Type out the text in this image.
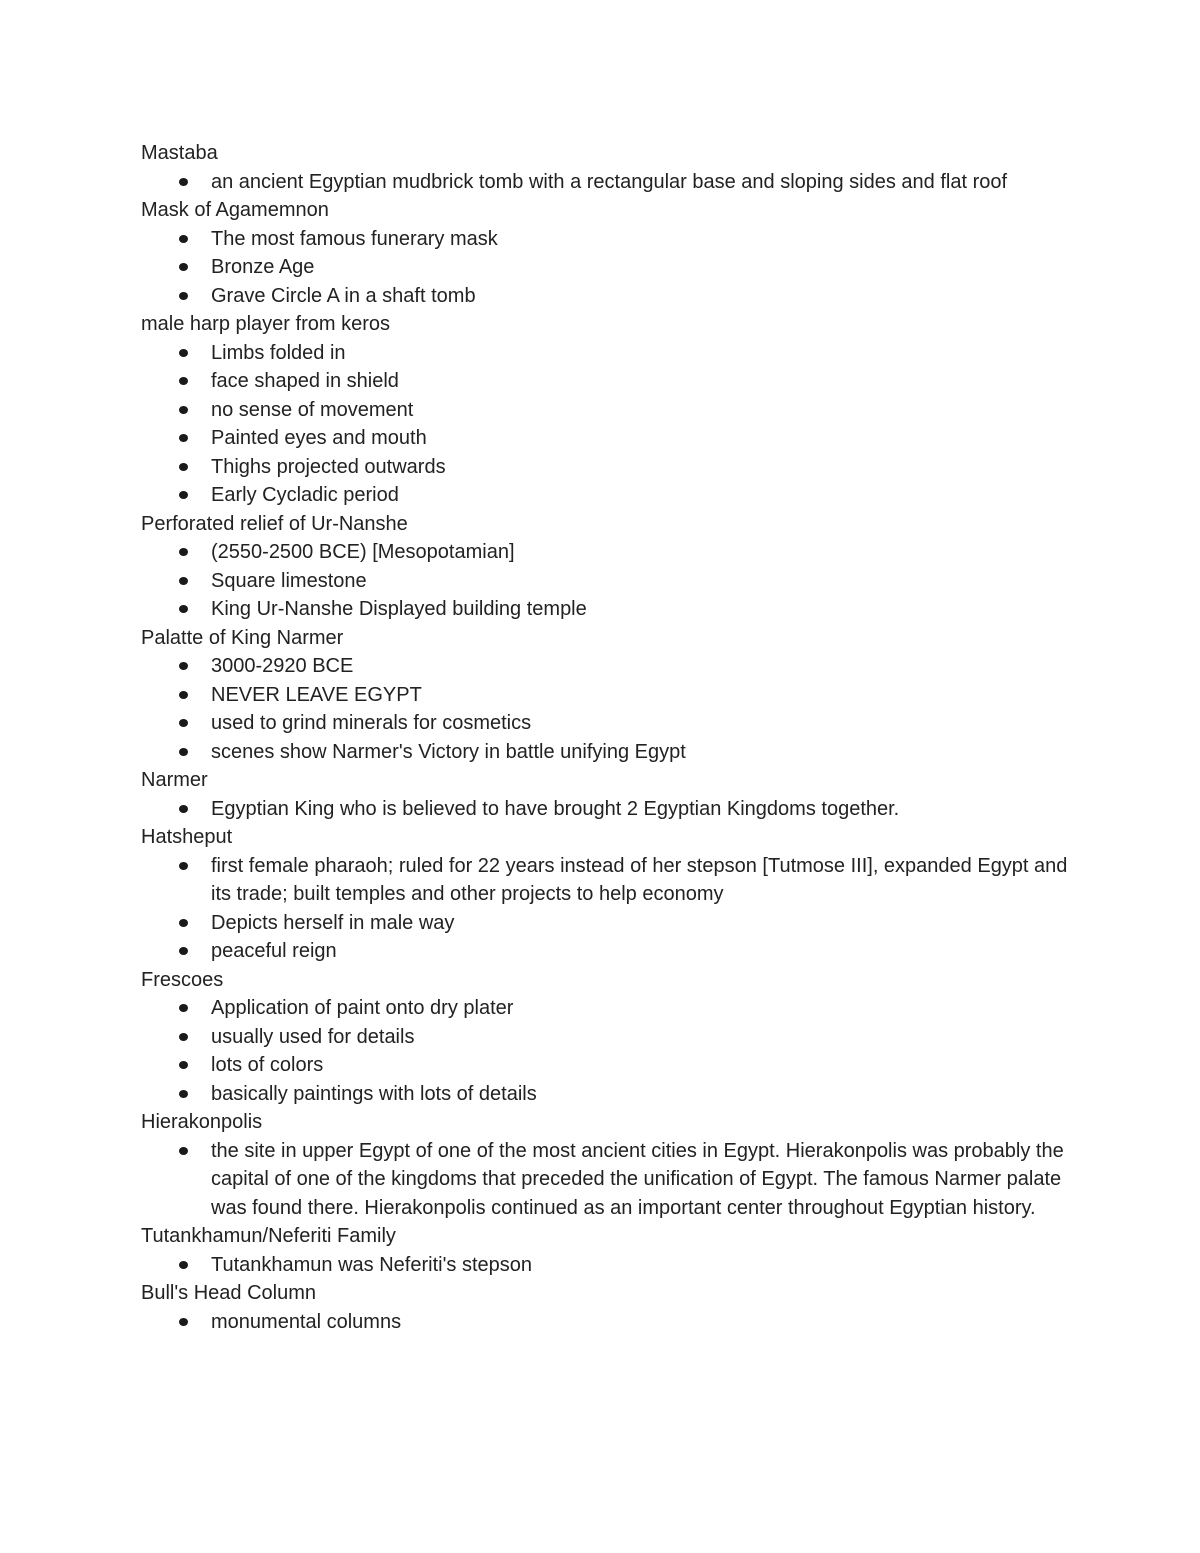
Mastaba

an ancient Egyptian mudbrick tomb with a rectangular base and sloping sides and flat roof

Mask of Agamemnon

The most famous funerary mask
Bronze Age
Grave Circle A in a shaft tomb

male harp player from keros

Limbs folded in
face shaped in shield
no sense of movement
Painted eyes and mouth
Thighs projected outwards
Early Cycladic period

Perforated relief of Ur-Nanshe

(2550-2500 BCE) [Mesopotamian]
Square limestone
King Ur-Nanshe Displayed building temple

Palatte of King Narmer

3000-2920 BCE
NEVER LEAVE EGYPT
used to grind minerals for cosmetics
scenes show Narmer's Victory in battle unifying Egypt

Narmer

Egyptian King who is believed to have brought 2 Egyptian Kingdoms together.

Hatsheput

first female pharaoh; ruled for 22 years instead of her stepson [Tutmose III], expanded Egypt and its trade; built temples and other projects to help economy
Depicts herself in male way
peaceful reign

Frescoes

Application of paint onto dry plater
usually used for details
lots of colors
basically paintings with lots of details

Hierakonpolis

the site in upper Egypt of one of the most ancient cities in Egypt. Hierakonpolis was probably the capital of one of the kingdoms that preceded the unification of Egypt. The famous Narmer palate was found there. Hierakonpolis continued as an important center throughout Egyptian history.

Tutankhamun/Neferiti Family

Tutankhamun was Neferiti's stepson

Bull's Head Column

monumental columns
